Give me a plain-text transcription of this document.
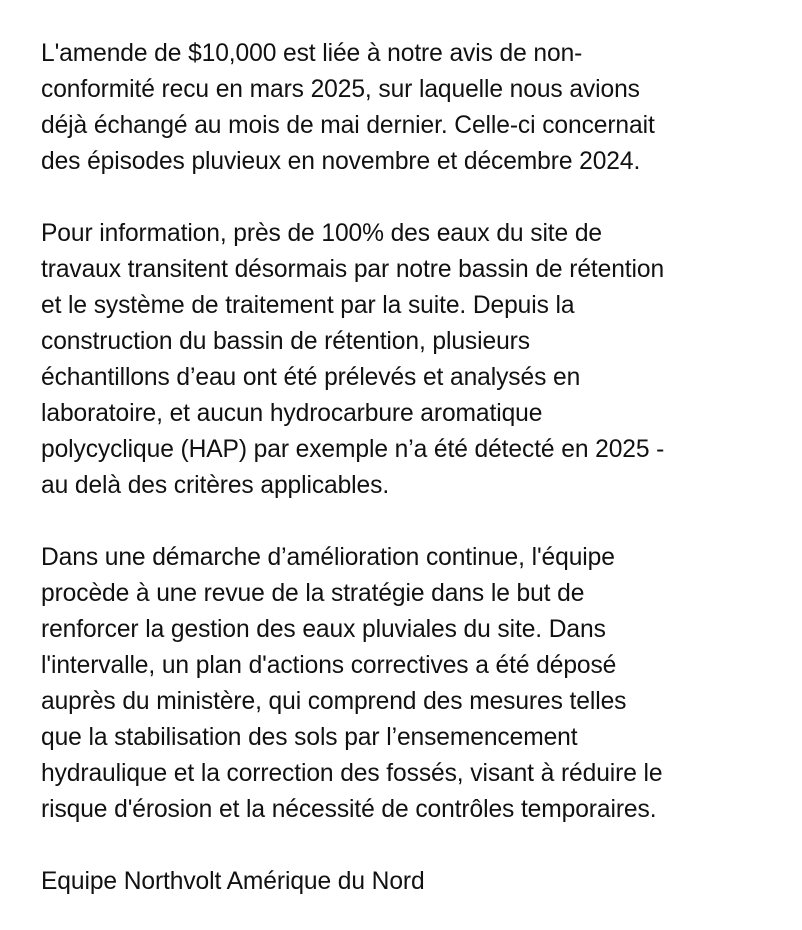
L'amende de $10,000 est liée à notre avis de non-
conformité recu en mars 2025, sur laquelle nous avions
déjà échangé au mois de mai dernier. Celle-ci concernait
des épisodes pluvieux en novembre et décembre 2024.

Pour information, près de 100% des eaux du site de
travaux transitent désormais par notre bassin de rétention
et le système de traitement par la suite. Depuis la
construction du bassin de rétention, plusieurs
échantillons d’eau ont été prélevés et analysés en
laboratoire, et aucun hydrocarbure aromatique
polycyclique (HAP) par exemple n’a été détecté en 2025 -
au delà des critères applicables.

Dans une démarche d’amélioration continue, l'équipe
procède à une revue de la stratégie dans le but de
renforcer la gestion des eaux pluviales du site. Dans
l'intervalle, un plan d'actions correctives a été déposé
auprès du ministère, qui comprend des mesures telles
que la stabilisation des sols par l’ensemencement
hydraulique et la correction des fossés, visant à réduire le
risque d'érosion et la nécessité de contrôles temporaires.

Equipe Northvolt Amérique du Nord
